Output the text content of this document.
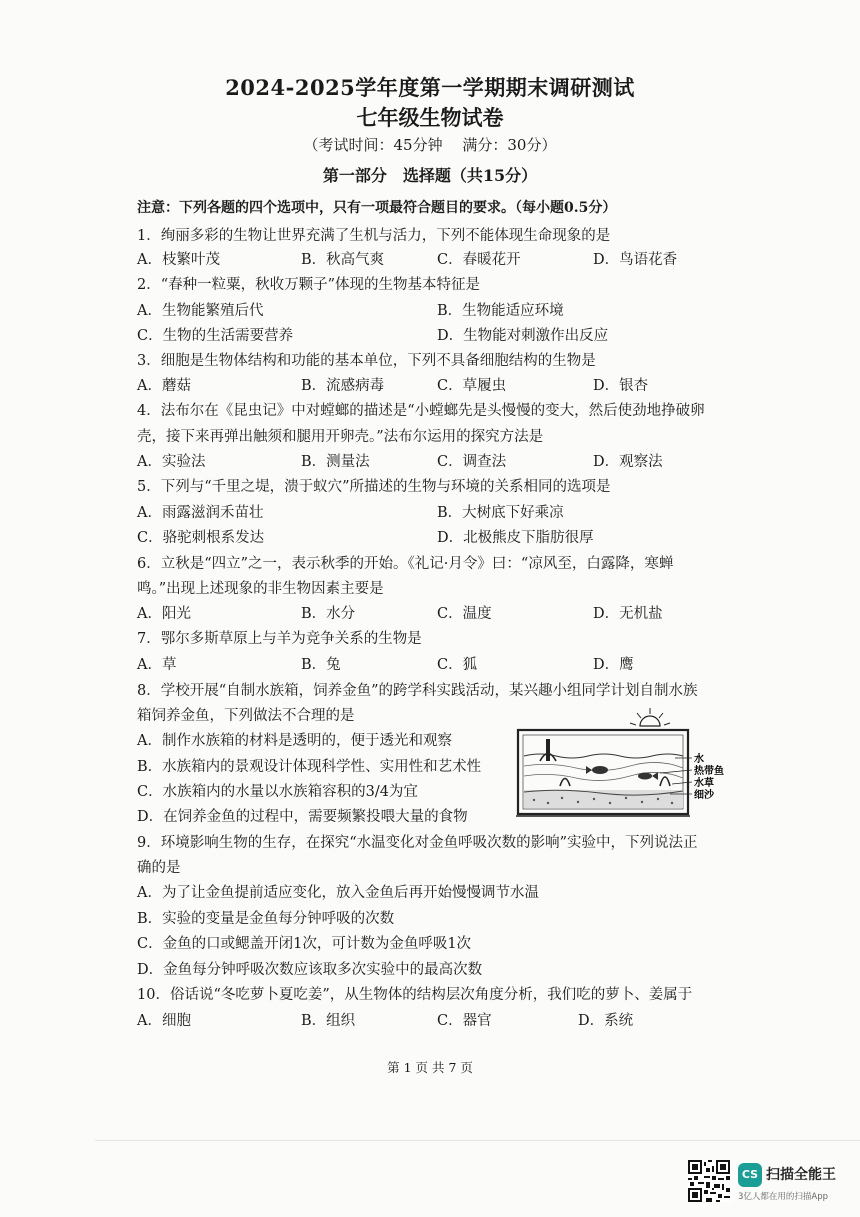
2024-2025学年度第一学期期末调研测试
七年级生物试卷
（考试时间：45分钟　 满分：30分）
第一部分　选择题（共15分）
注意：下列各题的四个选项中，只有一项最符合题目的要求。（每小题0.5分）
1．绚丽多彩的生物让世界充满了生机与活力，下列不能体现生命现象的是
A．枝繁叶茂	B．秋高气爽	C．春暖花开	D．鸟语花香
2．“春种一粒粟，秋收万颗子”体现的生物基本特征是
A．生物能繁殖后代	B．生物能适应环境
C．生物的生活需要营养	D．生物能对刺激作出反应
3．细胞是生物体结构和功能的基本单位，下列不具备细胞结构的生物是
A．蘑菇	B．流感病毒	C．草履虫	D．银杏
4．法布尔在《昆虫记》中对螳螂的描述是“小螳螂先是头慢慢的变大，然后使劲地挣破卵
壳，接下来再弹出触须和腿用开卵壳。”法布尔运用的探究方法是
A．实验法	B．测量法	C．调查法	D．观察法
5．下列与“千里之堤，溃于蚁穴”所描述的生物与环境的关系相同的选项是
A．雨露滋润禾苗壮	B．大树底下好乘凉
C．骆驼刺根系发达	D．北极熊皮下脂肪很厚
6．立秋是“四立”之一，表示秋季的开始。《礼记·月令》曰：“凉风至，白露降，寒蝉
鸣。”出现上述现象的非生物因素主要是
A．阳光	B．水分	C．温度	D．无机盐
7．鄂尔多斯草原上与羊为竞争关系的生物是
A．草	B．兔	C．狐	D．鹰
8．学校开展“自制水族箱，饲养金鱼”的跨学科实践活动，某兴趣小组同学计划自制水族
箱饲养金鱼，下列做法不合理的是
A．制作水族箱的材料是透明的，便于透光和观察
B．水族箱内的景观设计体现科学性、实用性和艺术性
C．水族箱内的水量以水族箱容积的3/4为宜
D．在饲养金鱼的过程中，需要频繁投喂大量的食物
水
热带鱼
水草
细沙
9．环境影响生物的生存，在探究“水温变化对金鱼呼吸次数的影响”实验中，下列说法正
确的是
A．为了让金鱼提前适应变化，放入金鱼后再开始慢慢调节水温
B．实验的变量是金鱼每分钟呼吸的次数
C．金鱼的口或鳃盖开闭1次，可计数为金鱼呼吸1次
D．金鱼每分钟呼吸次数应该取多次实验中的最高次数
10．俗话说“冬吃萝卜夏吃姜”，从生物体的结构层次角度分析，我们吃的萝卜、姜属于
A．细胞	B．组织	C．器官	D．系统
第 1 页 共 7 页
CS 扫描全能王
3亿人都在用的扫描App
